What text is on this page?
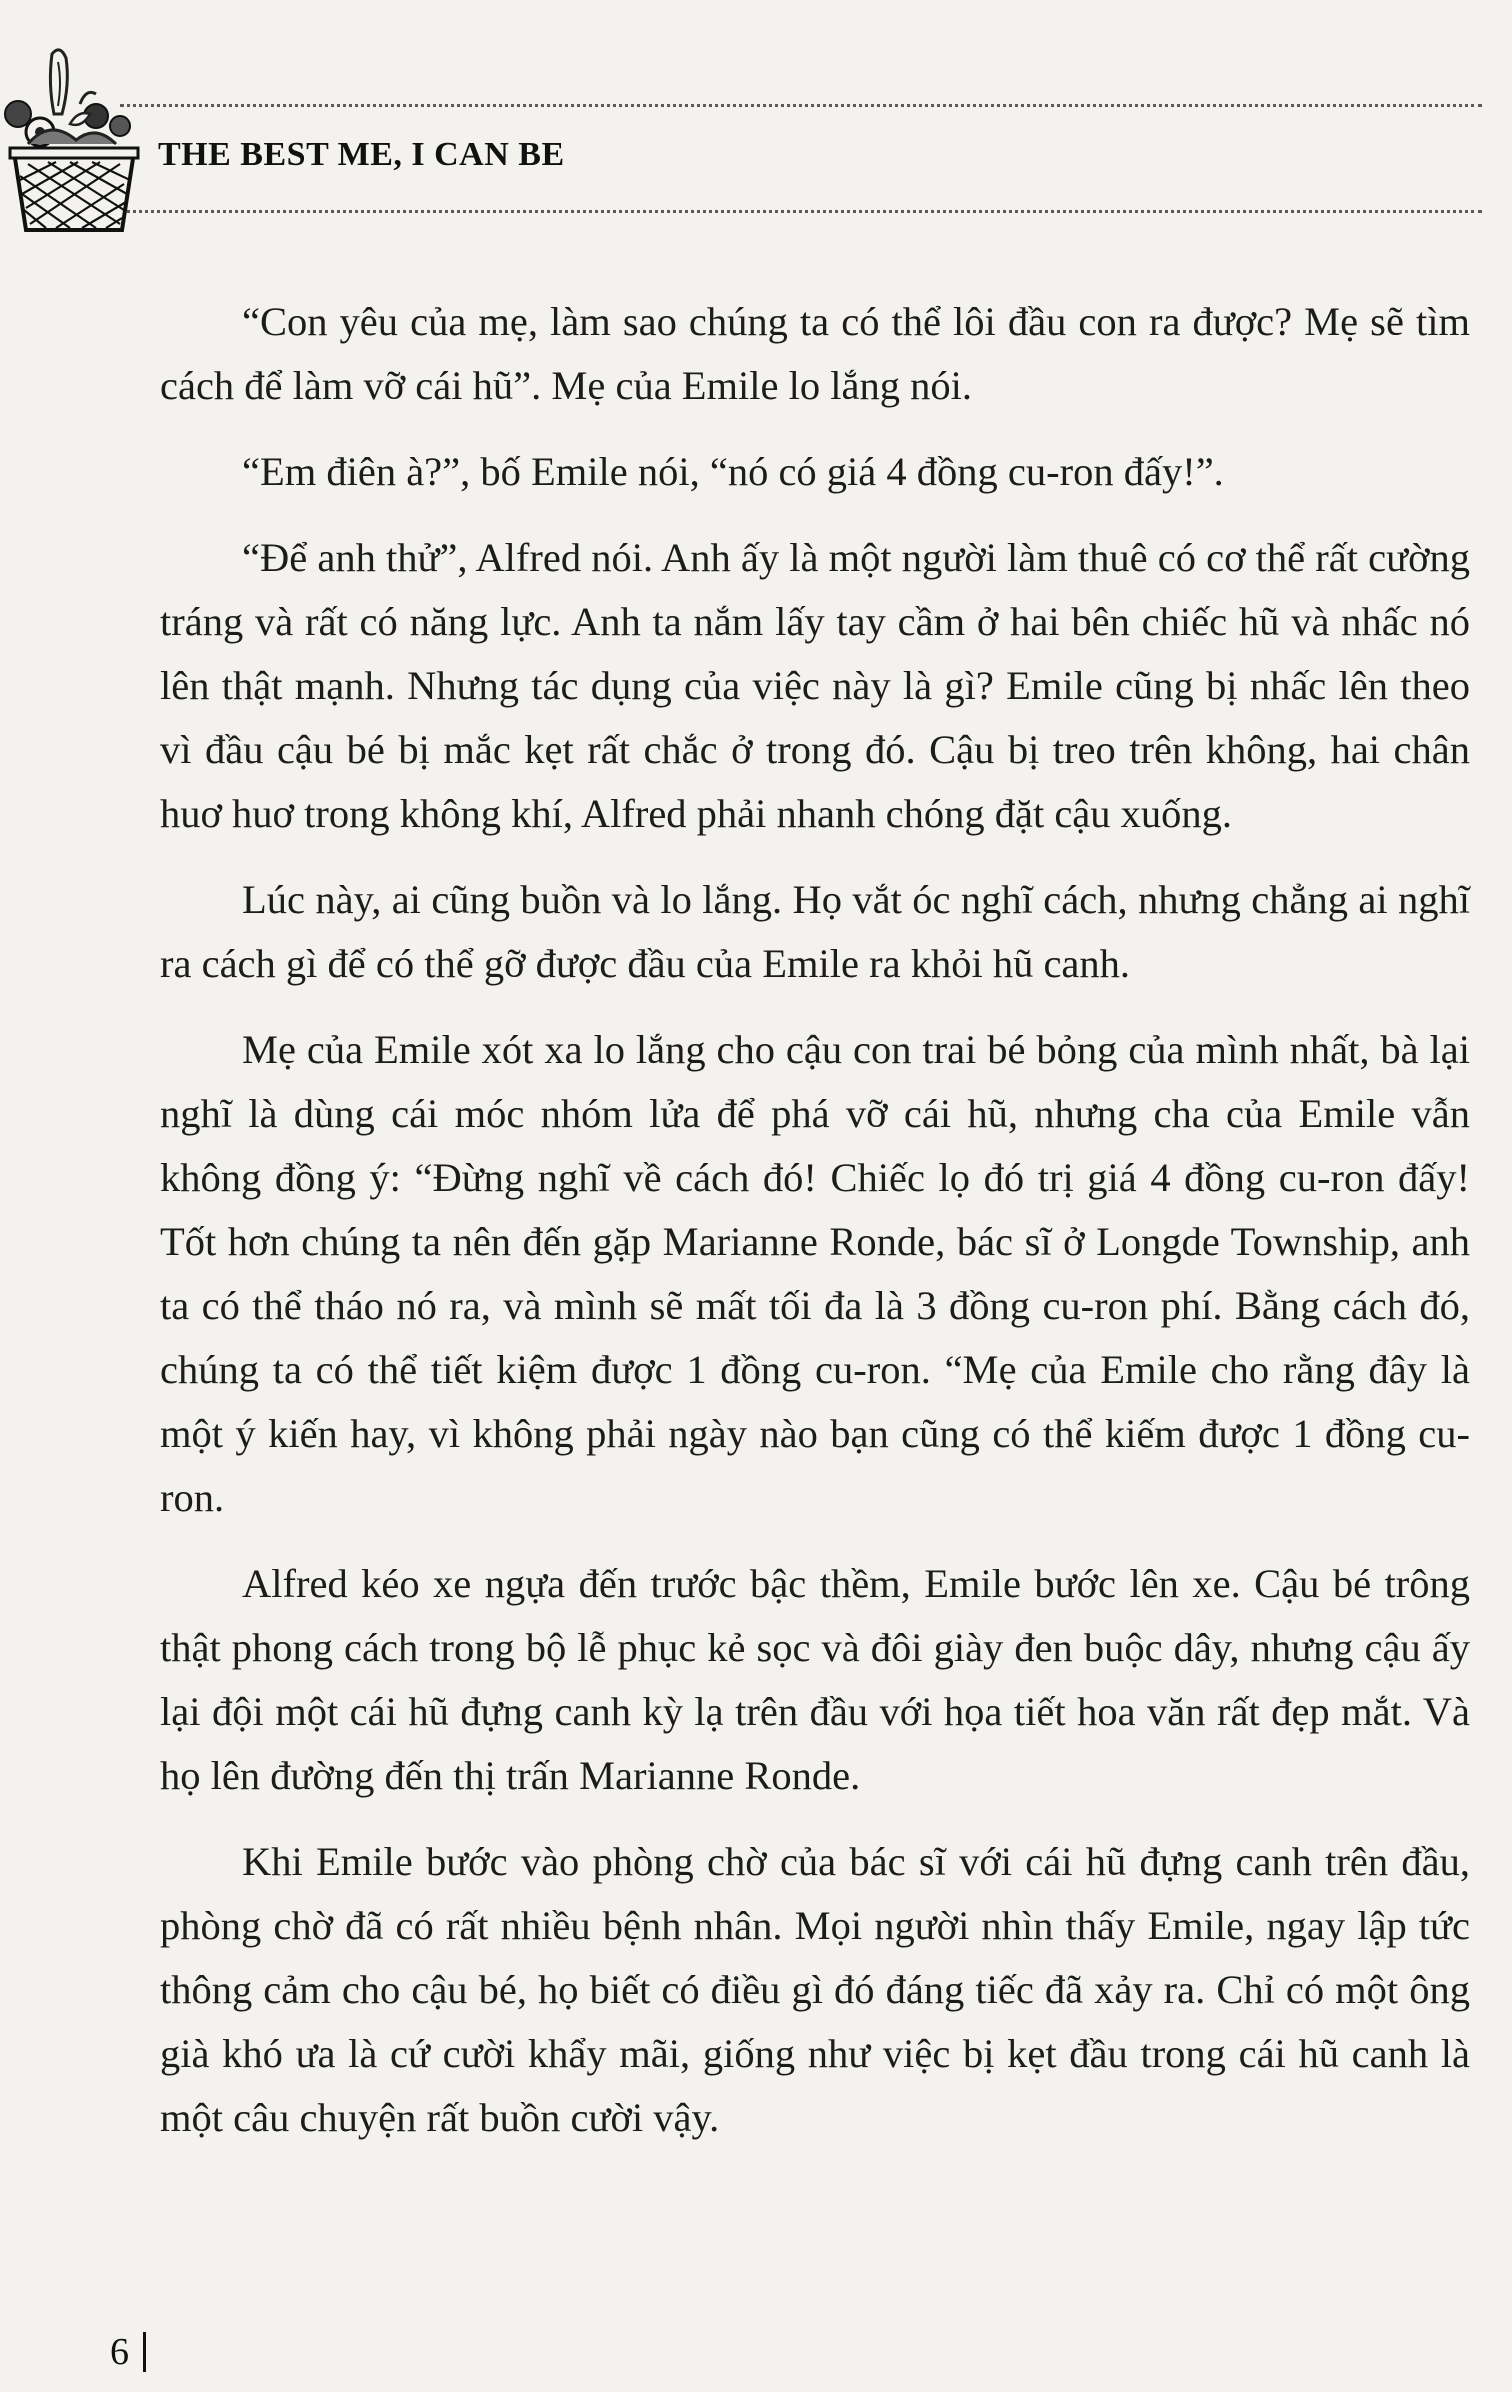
THE BEST ME, I CAN BE

“Con yêu của mẹ, làm sao chúng ta có thể lôi đầu con ra được? Mẹ sẽ tìm cách để làm vỡ cái hũ”. Mẹ của Emile lo lắng nói.

“Em điên à?”, bố Emile nói, “nó có giá 4 đồng cu-ron đấy!”.

“Để anh thử”, Alfred nói. Anh ấy là một người làm thuê có cơ thể rất cường tráng và rất có năng lực. Anh ta nắm lấy tay cầm ở hai bên chiếc hũ và nhấc nó lên thật mạnh. Nhưng tác dụng của việc này là gì? Emile cũng bị nhấc lên theo vì đầu cậu bé bị mắc kẹt rất chắc ở trong đó. Cậu bị treo trên không, hai chân huơ huơ trong không khí, Alfred phải nhanh chóng đặt cậu xuống.

Lúc này, ai cũng buồn và lo lắng. Họ vắt óc nghĩ cách, nhưng chẳng ai nghĩ ra cách gì để có thể gỡ được đầu của Emile ra khỏi hũ canh.

Mẹ của Emile xót xa lo lắng cho cậu con trai bé bỏng của mình nhất, bà lại nghĩ là dùng cái móc nhóm lửa để phá vỡ cái hũ, nhưng cha của Emile vẫn không đồng ý: “Đừng nghĩ về cách đó! Chiếc lọ đó trị giá 4 đồng cu-ron đấy! Tốt hơn chúng ta nên đến gặp Marianne Ronde, bác sĩ ở Longde Township, anh ta có thể tháo nó ra, và mình sẽ mất tối đa là 3 đồng cu-ron phí. Bằng cách đó, chúng ta có thể tiết kiệm được 1 đồng cu-ron. “Mẹ của Emile cho rằng đây là một ý kiến hay, vì không phải ngày nào bạn cũng có thể kiếm được 1 đồng cu-ron.

Alfred kéo xe ngựa đến trước bậc thềm, Emile bước lên xe. Cậu bé trông thật phong cách trong bộ lễ phục kẻ sọc và đôi giày đen buộc dây, nhưng cậu ấy lại đội một cái hũ đựng canh kỳ lạ trên đầu với họa tiết hoa văn rất đẹp mắt. Và họ lên đường đến thị trấn Marianne Ronde.

Khi Emile bước vào phòng chờ của bác sĩ với cái hũ đựng canh trên đầu, phòng chờ đã có rất nhiều bệnh nhân. Mọi người nhìn thấy Emile, ngay lập tức thông cảm cho cậu bé, họ biết có điều gì đó đáng tiếc đã xảy ra. Chỉ có một ông già khó ưa là cứ cười khẩy mãi, giống như việc bị kẹt đầu trong cái hũ canh là một câu chuyện rất buồn cười vậy.

6
